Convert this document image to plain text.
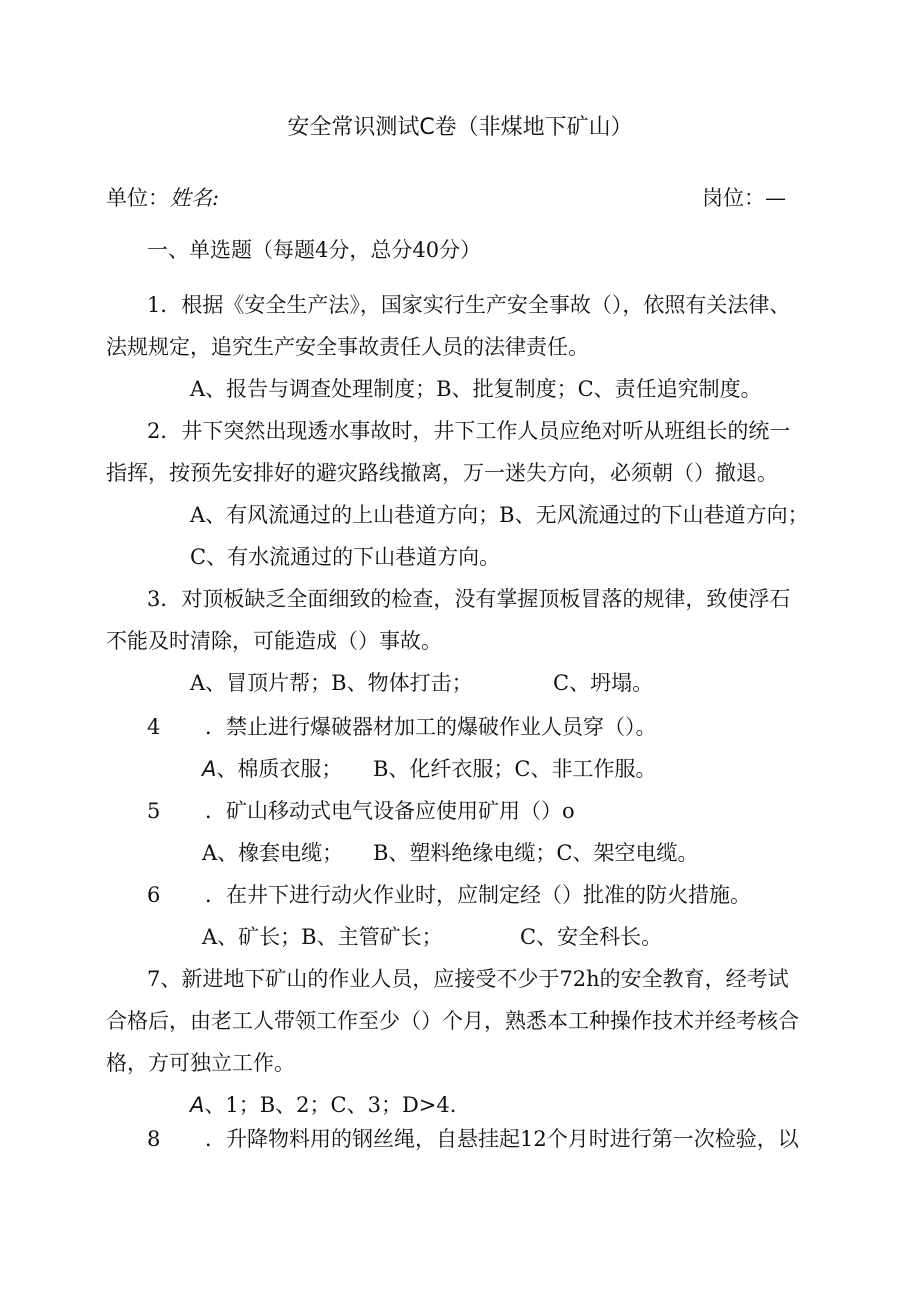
安全常识测试C卷（非煤地下矿山）
单位： 姓名:	岗位：—
一、单选题（每题4分，总分40分）
1．根据《安全生产法》，国家实行生产安全事故（），依照有关法律、
法规规定，追究生产安全事故责任人员的法律责任。
A、报告与调查处理制度；B、批复制度；C、责任追究制度。
2．井下突然出现透水事故时，井下工作人员应绝对听从班组长的统一
指挥，按预先安排好的避灾路线撤离，万一迷失方向，必须朝（）撤退。
A、有风流通过的上山巷道方向；B、无风流通过的下山巷道方向；
C、有水流通过的下山巷道方向。
3．对顶板缺乏全面细致的检查，没有掌握顶板冒落的规律，致使浮石
不能及时清除，可能造成（）事故。
A、冒顶片帮；B、物体打击；	C、坍塌。
4 ．禁止进行爆破器材加工的爆破作业人员穿（）。
A、棉质衣服； B、化纤衣服；C、非工作服。
5 ．矿山移动式电气设备应使用矿用（）o
A、橡套电缆； B、塑料绝缘电缆；C、架空电缆。
6 ．在井下进行动火作业时，应制定经（）批准的防火措施。
A、矿长；B、主管矿长；	C、安全科长。
7、新进地下矿山的作业人员，应接受不少于72h的安全教育，经考试
合格后，由老工人带领工作至少（）个月，熟悉本工种操作技术并经考核合
格，方可独立工作。
A、1；B、2；C、3；D>4.
8 ．升降物料用的钢丝绳，自悬挂起12个月时进行第一次检验，以
